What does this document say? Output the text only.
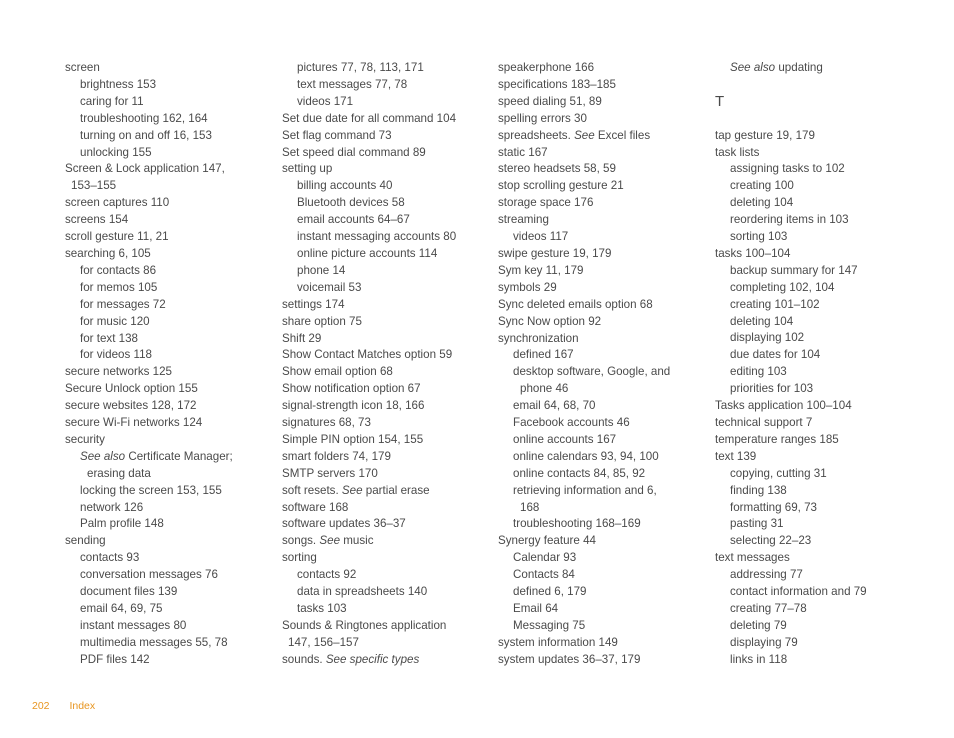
screen
brightness 153
caring for 11
troubleshooting 162, 164
turning on and off 16, 153
unlocking 155
Screen & Lock application 147,
153–155
screen captures 110
screens 154
scroll gesture 11, 21
searching 6, 105
for contacts 86
for memos 105
for messages 72
for music 120
for text 138
for videos 118
secure networks 125
Secure Unlock option 155
secure websites 128, 172
secure Wi-Fi networks 124
security
See also Certificate Manager;
erasing data
locking the screen 153, 155
network 126
Palm profile 148
sending
contacts 93
conversation messages 76
document files 139
email 64, 69, 75
instant messages 80
multimedia messages 55, 78
PDF files 142
pictures 77, 78, 113, 171
text messages 77, 78
videos 171
Set due date for all command 104
Set flag command 73
Set speed dial command 89
setting up
billing accounts 40
Bluetooth devices 58
email accounts 64–67
instant messaging accounts 80
online picture accounts 114
phone 14
voicemail 53
settings 174
share option 75
Shift 29
Show Contact Matches option 59
Show email option 68
Show notification option 67
signal-strength icon 18, 166
signatures 68, 73
Simple PIN option 154, 155
smart folders 74, 179
SMTP servers 170
soft resets. See partial erase
software 168
software updates 36–37
songs. See music
sorting
contacts 92
data in spreadsheets 140
tasks 103
Sounds & Ringtones application
147, 156–157
sounds. See specific types
speakerphone 166
specifications 183–185
speed dialing 51, 89
spelling errors 30
spreadsheets. See Excel files
static 167
stereo headsets 58, 59
stop scrolling gesture 21
storage space 176
streaming
videos 117
swipe gesture 19, 179
Sym key 11, 179
symbols 29
Sync deleted emails option 68
Sync Now option 92
synchronization
defined 167
desktop software, Google, and
phone 46
email 64, 68, 70
Facebook accounts 46
online accounts 167
online calendars 93, 94, 100
online contacts 84, 85, 92
retrieving information and 6,
168
troubleshooting 168–169
Synergy feature 44
Calendar 93
Contacts 84
defined 6, 179
Email 64
Messaging 75
system information 149
system updates 36–37, 179
See also updating
T
tap gesture 19, 179
task lists
assigning tasks to 102
creating 100
deleting 104
reordering items in 103
sorting 103
tasks 100–104
backup summary for 147
completing 102, 104
creating 101–102
deleting 104
displaying 102
due dates for 104
editing 103
priorities for 103
Tasks application 100–104
technical support 7
temperature ranges 185
text 139
copying, cutting 31
finding 138
formatting 69, 73
pasting 31
selecting 22–23
text messages
addressing 77
contact information and 79
creating 77–78
deleting 79
displaying 79
links in 118
202 Index
